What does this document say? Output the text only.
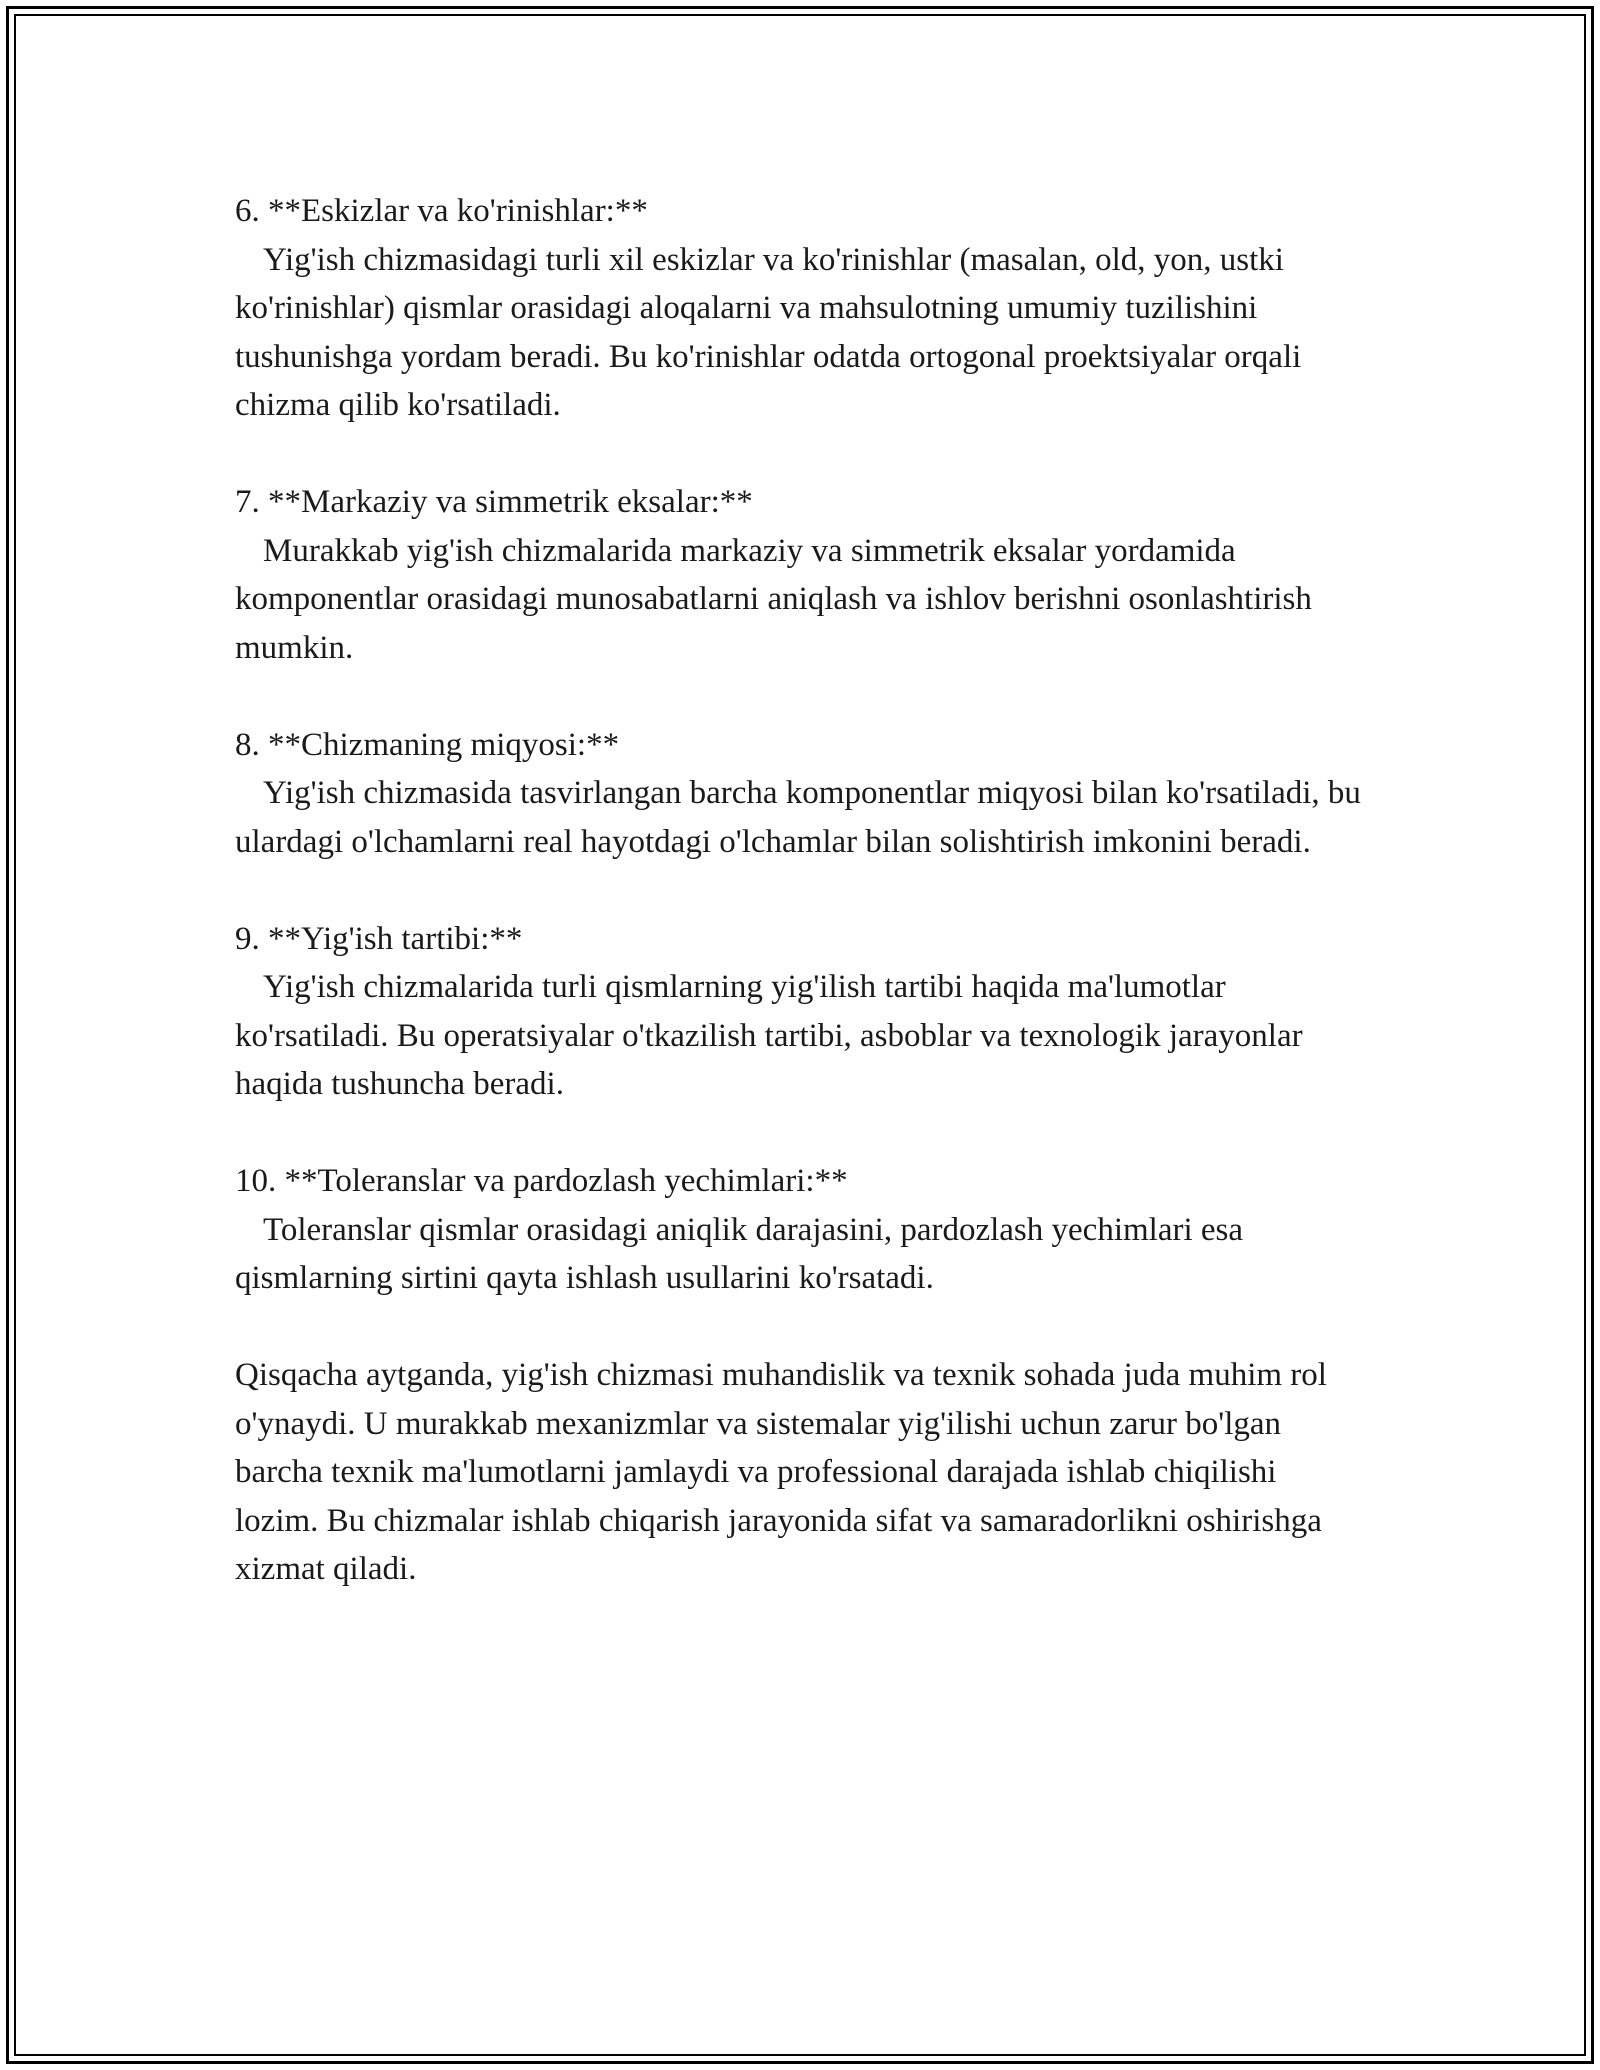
6. **Eskizlar va ko'rinishlar:**

Yig'ish chizmasidagi turli xil eskizlar va ko'rinishlar (masalan, old, yon, ustki ko'rinishlar) qismlar orasidagi aloqalarni va mahsulotning umumiy tuzilishini tushunishga yordam beradi. Bu ko'rinishlar odatda ortogonal proektsiyalar orqali chizma qilib ko'rsatiladi.

7. **Markaziy va simmetrik eksalar:**

Murakkab yig'ish chizmalarida markaziy va simmetrik eksalar yordamida komponentlar orasidagi munosabatlarni aniqlash va ishlov berishni osonlashtirish mumkin.

8. **Chizmaning miqyosi:**

Yig'ish chizmasida tasvirlangan barcha komponentlar miqyosi bilan ko'rsatiladi, bu ulardagi o'lchamlarni real hayotdagi o'lchamlar bilan solishtirish imkonini beradi.

9. **Yig'ish tartibi:**

Yig'ish chizmalarida turli qismlarning yig'ilish tartibi haqida ma'lumotlar ko'rsatiladi. Bu operatsiyalar o'tkazilish tartibi, asboblar va texnologik jarayonlar haqida tushuncha beradi.

10. **Toleranslar va pardozlash yechimlari:**

Toleranslar qismlar orasidagi aniqlik darajasini, pardozlash yechimlari esa qismlarning sirtini qayta ishlash usullarini ko'rsatadi.

Qisqacha aytganda, yig'ish chizmasi muhandislik va texnik sohada juda muhim rol o'ynaydi. U murakkab mexanizmlar va sistemalar yig'ilishi uchun zarur bo'lgan barcha texnik ma'lumotlarni jamlaydi va professional darajada ishlab chiqilishi lozim. Bu chizmalar ishlab chiqarish jarayonida sifat va samaradorlikni oshirishga xizmat qiladi.
